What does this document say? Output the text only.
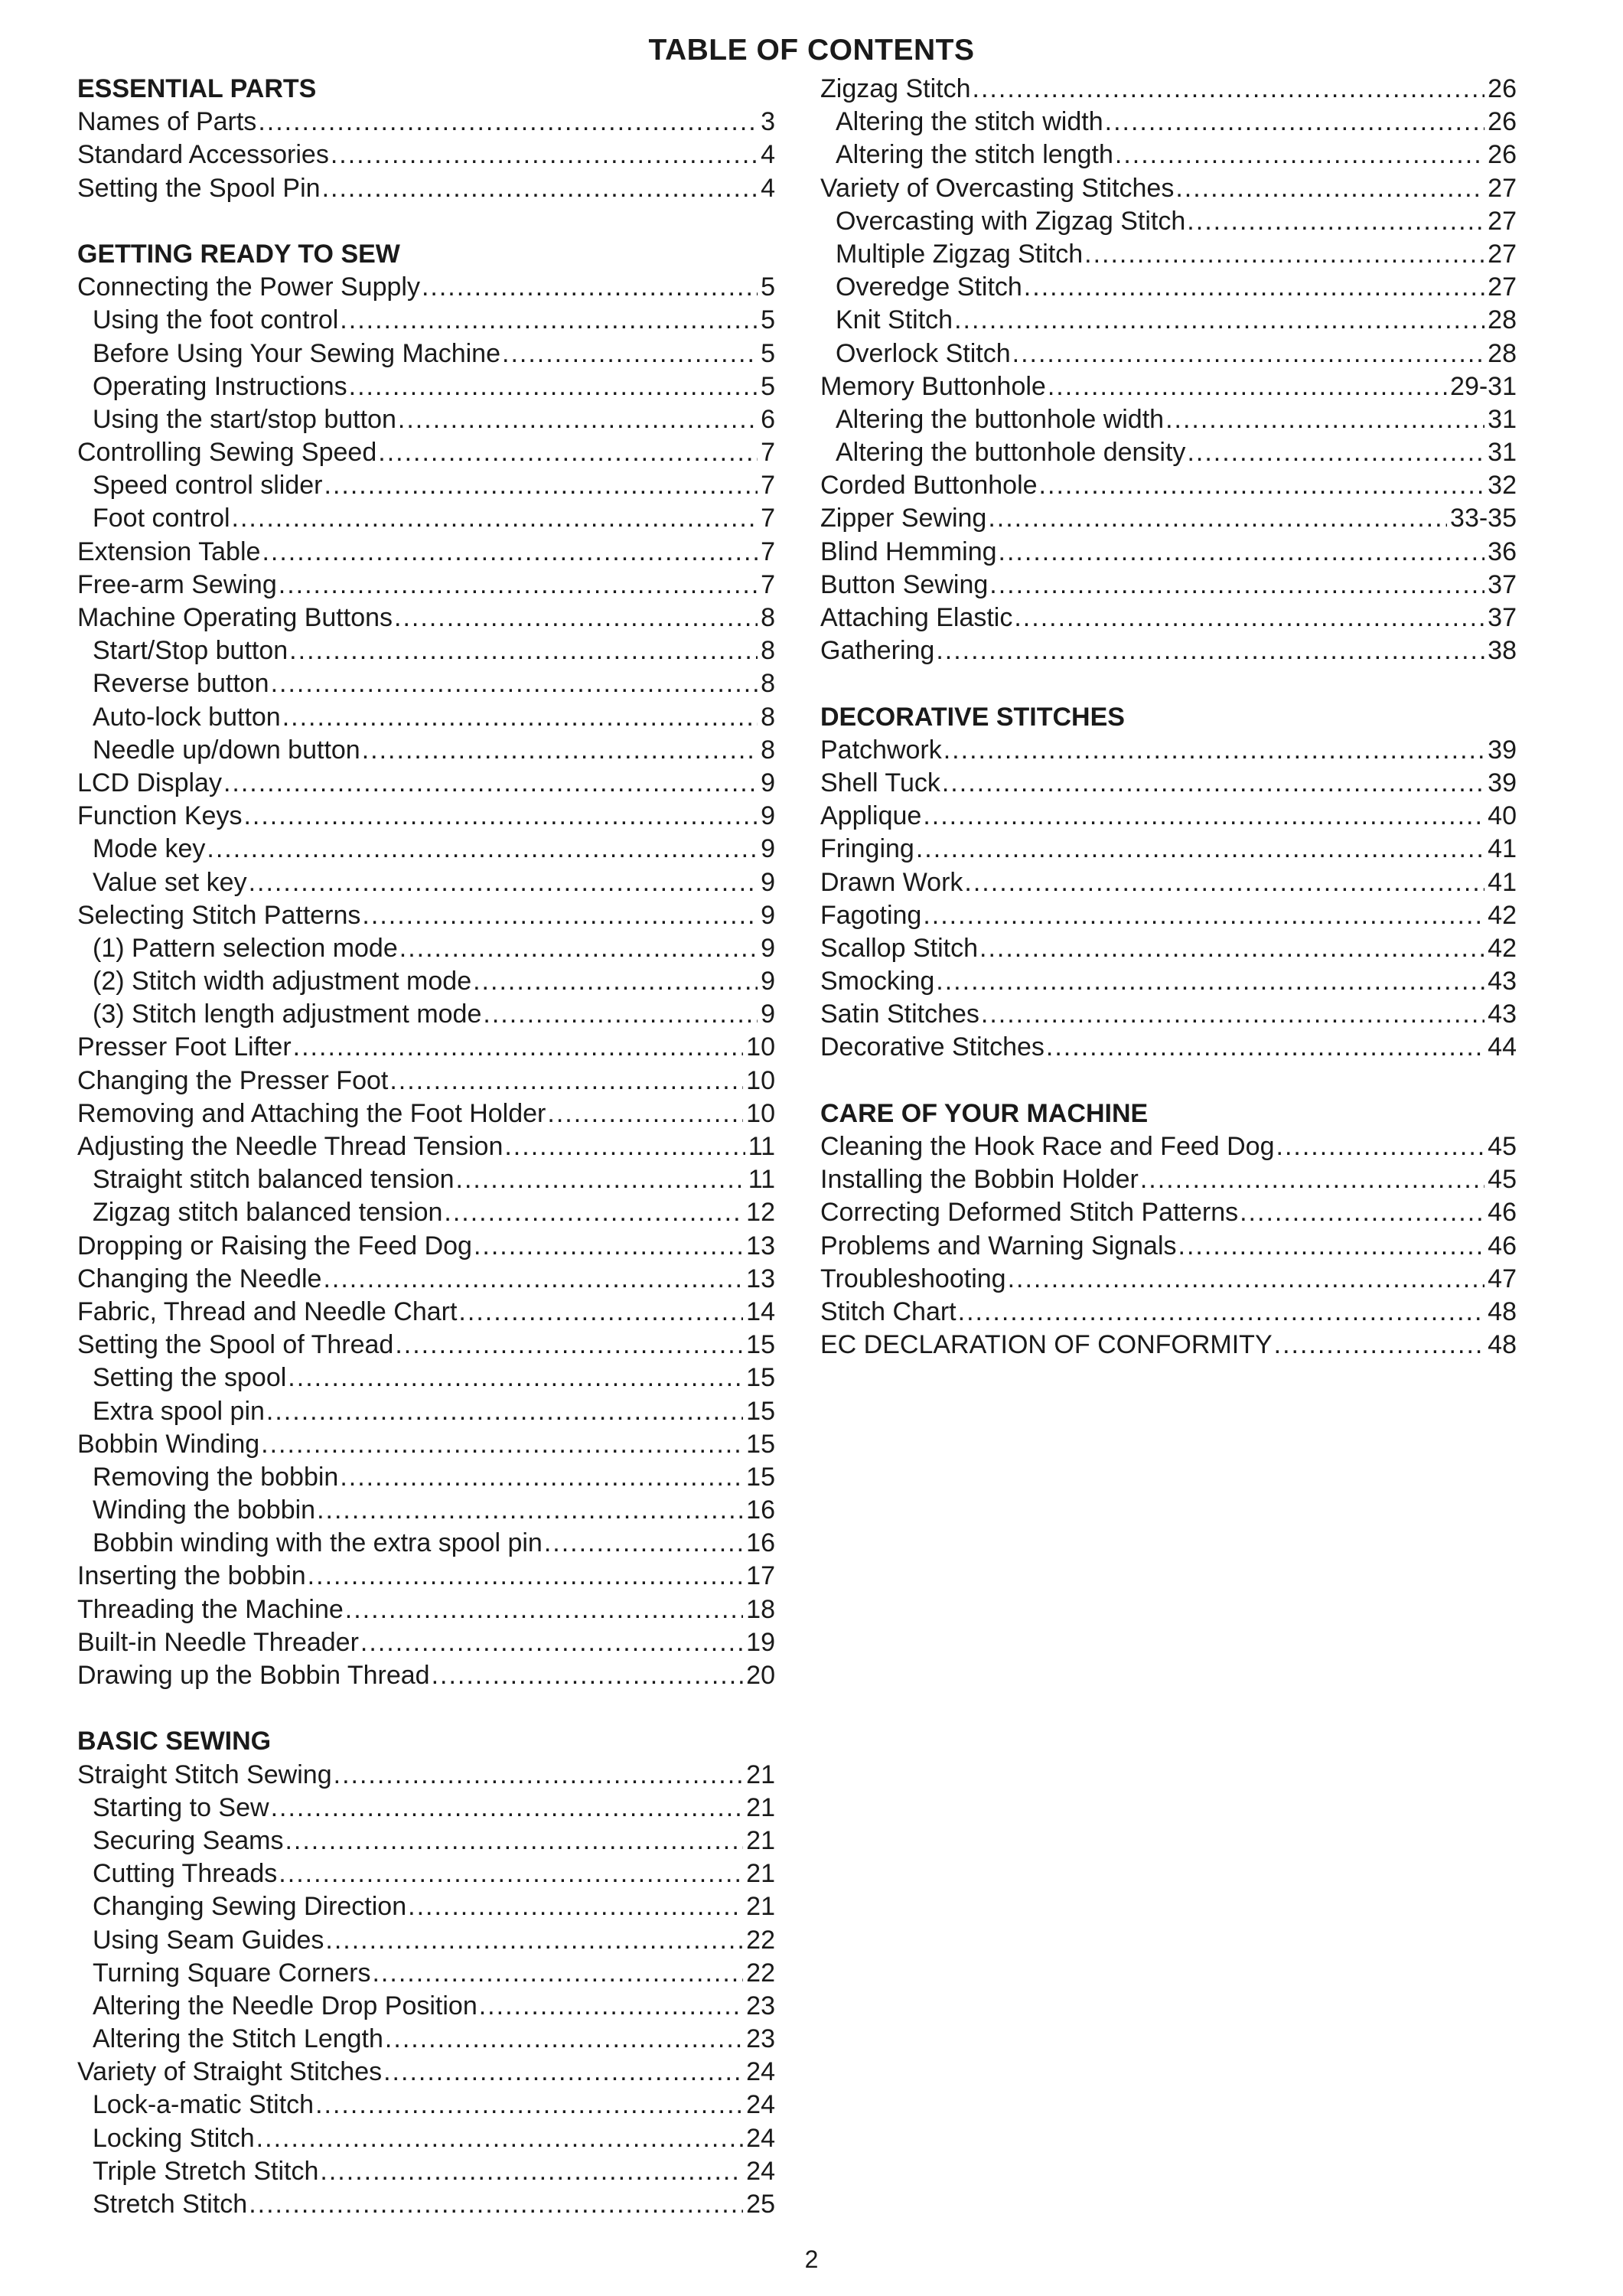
TABLE OF CONTENTS
ESSENTIAL PARTS
Names of Parts .....	3
Standard Accessories .....	4
Setting the Spool Pin .....	4
GETTING READY TO SEW
Connecting the Power Supply .....	5
Using the foot control .....	5
Before Using Your Sewing Machine .....	5
Operating Instructions .....	5
Using the start/stop button .....	6
Controlling Sewing Speed .....	7
Speed control slider .....	7
Foot control .....	7
Extension Table .....	7
Free-arm Sewing .....	7
Machine Operating Buttons .....	8
Start/Stop button .....	8
Reverse button .....	8
Auto-lock button .....	8
Needle up/down button .....	8
LCD Display .....	9
Function Keys .....	9
Mode key .....	9
Value set key .....	9
Selecting Stitch Patterns .....	9
(1) Pattern selection mode .....	9
(2) Stitch width adjustment mode .....	9
(3) Stitch length adjustment mode .....	9
Presser Foot Lifter .....	10
Changing the Presser Foot .....	10
Removing and Attaching the Foot Holder .....	10
Adjusting the Needle Thread Tension .....	11
Straight stitch balanced tension .....	11
Zigzag stitch balanced tension .....	12
Dropping or Raising the Feed Dog .....	13
Changing the Needle .....	13
Fabric, Thread and Needle Chart .....	14
Setting the Spool of Thread .....	15
Setting the spool .....	15
Extra spool pin .....	15
Bobbin Winding .....	15
Removing the bobbin .....	15
Winding the bobbin .....	16
Bobbin winding with the extra spool pin .....	16
Inserting the bobbin .....	17
Threading the Machine .....	18
Built-in Needle Threader .....	19
Drawing up the Bobbin Thread .....	20
BASIC SEWING
Straight Stitch Sewing .....	21
Starting to Sew .....	21
Securing Seams .....	21
Cutting Threads .....	21
Changing Sewing Direction .....	21
Using Seam Guides .....	22
Turning Square Corners .....	22
Altering the Needle Drop Position .....	23
Altering the Stitch Length .....	23
Variety of Straight Stitches .....	24
Lock-a-matic Stitch .....	24
Locking Stitch .....	24
Triple Stretch Stitch .....	24
Stretch Stitch .....	25
Zigzag Stitch .....	26
Altering the stitch width .....	26
Altering the stitch length .....	26
Variety of Overcasting Stitches .....	27
Overcasting with Zigzag Stitch .....	27
Multiple Zigzag Stitch .....	27
Overedge Stitch .....	27
Knit Stitch .....	28
Overlock Stitch .....	28
Memory Buttonhole .....	29-31
Altering the buttonhole width .....	31
Altering the buttonhole density .....	31
Corded Buttonhole .....	32
Zipper Sewing .....	33-35
Blind Hemming .....	36
Button Sewing .....	37
Attaching Elastic .....	37
Gathering .....	38
DECORATIVE STITCHES
Patchwork .....	39
Shell Tuck .....	39
Applique .....	40
Fringing .....	41
Drawn Work .....	41
Fagoting .....	42
Scallop Stitch .....	42
Smocking .....	43
Satin Stitches .....	43
Decorative Stitches .....	44
CARE OF YOUR MACHINE
Cleaning the Hook Race and Feed Dog .....	45
Installing the Bobbin Holder .....	45
Correcting Deformed Stitch Patterns .....	46
Problems and Warning Signals .....	46
Troubleshooting .....	47
Stitch Chart .....	48
EC DECLARATION OF CONFORMITY .....	48
2
